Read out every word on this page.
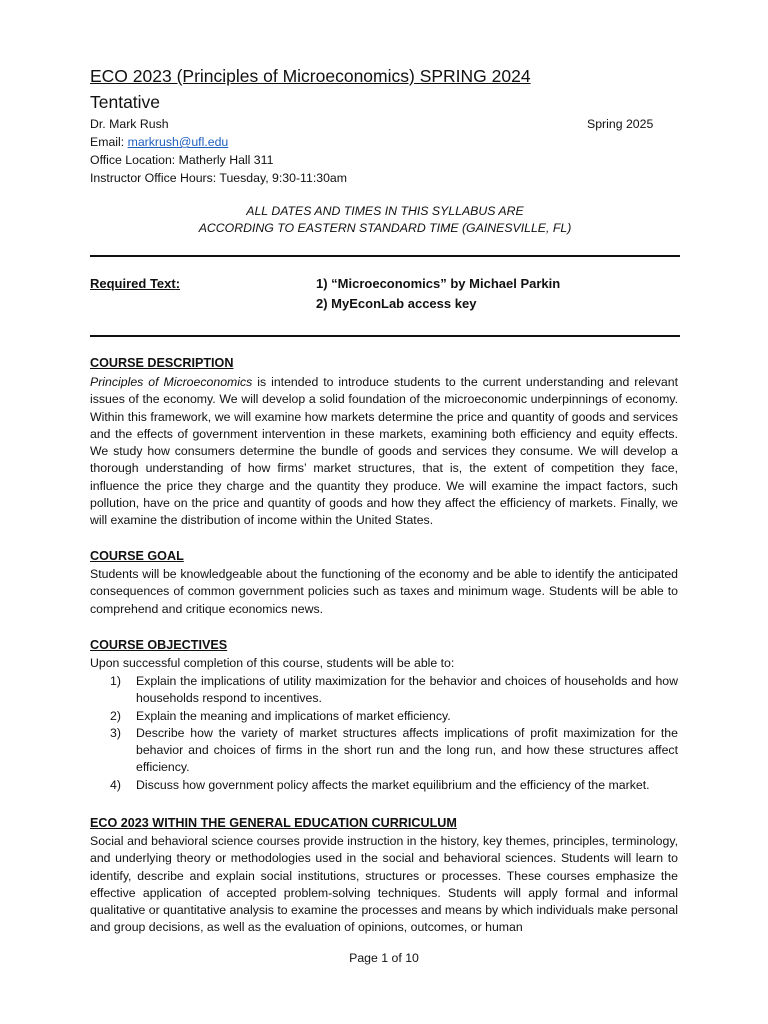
ECO 2023 (Principles of Microeconomics) SPRING 2024
Tentative
Dr. Mark Rush	Spring 2025
Email: markrush@ufl.edu
Office Location: Matherly Hall 311
Instructor Office Hours: Tuesday, 9:30-11:30am
ALL DATES AND TIMES IN THIS SYLLABUS ARE
ACCORDING TO EASTERN STANDARD TIME (GAINESVILLE, FL)
Required Text:	1) “Microeconomics” by Michael Parkin
2) MyEconLab access key
COURSE DESCRIPTION
Principles of Microeconomics is intended to introduce students to the current understanding and relevant issues of the economy. We will develop a solid foundation of the microeconomic underpinnings of economy. Within this framework, we will examine how markets determine the price and quantity of goods and services and the effects of government intervention in these markets, examining both efficiency and equity effects. We study how consumers determine the bundle of goods and services they consume. We will develop a thorough understanding of how firms’ market structures, that is, the extent of competition they face, influence the price they charge and the quantity they produce. We will examine the impact factors, such pollution, have on the price and quantity of goods and how they affect the efficiency of markets. Finally, we will examine the distribution of income within the United States.
COURSE GOAL
Students will be knowledgeable about the functioning of the economy and be able to identify the anticipated consequences of common government policies such as taxes and minimum wage. Students will be able to comprehend and critique economics news.
COURSE OBJECTIVES
Upon successful completion of this course, students will be able to:
1) Explain the implications of utility maximization for the behavior and choices of households and how households respond to incentives.
2) Explain the meaning and implications of market efficiency.
3) Describe how the variety of market structures affects implications of profit maximization for the behavior and choices of firms in the short run and the long run, and how these structures affect efficiency.
4) Discuss how government policy affects the market equilibrium and the efficiency of the market.
ECO 2023 WITHIN THE GENERAL EDUCATION CURRICULUM
Social and behavioral science courses provide instruction in the history, key themes, principles, terminology, and underlying theory or methodologies used in the social and behavioral sciences. Students will learn to identify, describe and explain social institutions, structures or processes. These courses emphasize the effective application of accepted problem-solving techniques. Students will apply formal and informal qualitative or quantitative analysis to examine the processes and means by which individuals make personal and group decisions, as well as the evaluation of opinions, outcomes, or human
Page 1 of 10
